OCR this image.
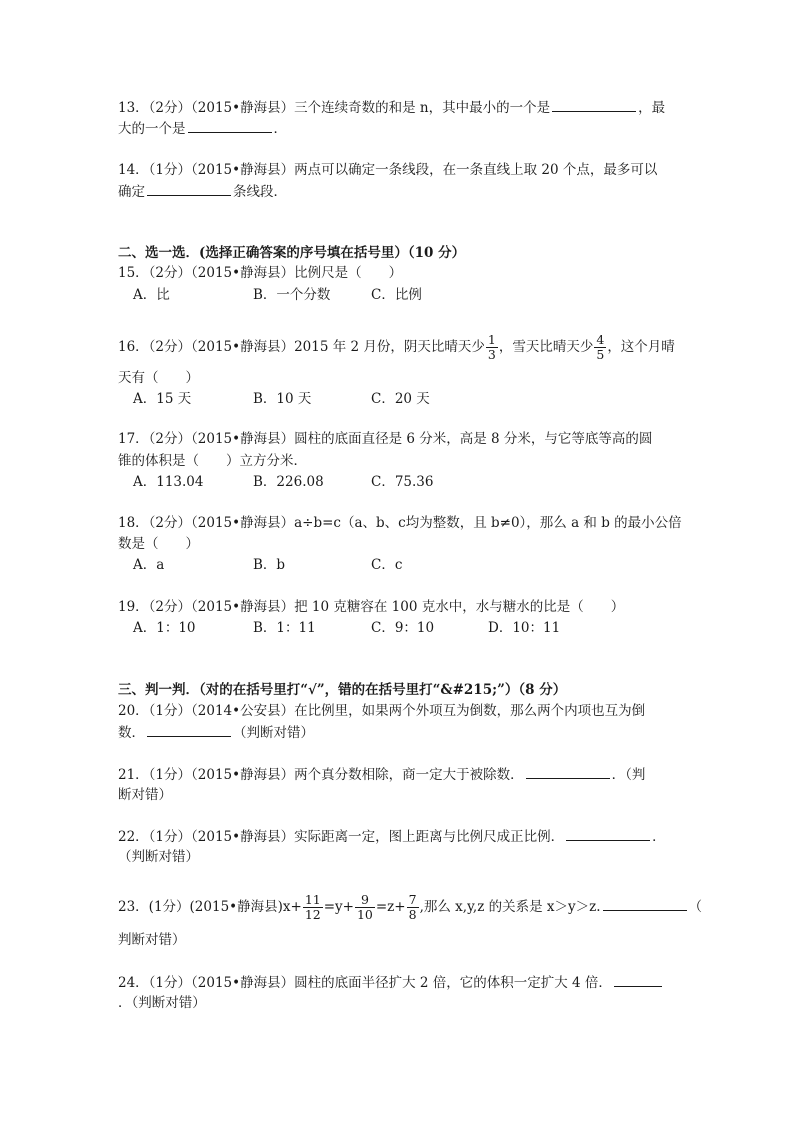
13．（2分）（2015•静海县）三个连续奇数的和是 n，其中最小的一个是	，最
大的一个是	．
14．（1分）（2015•静海县）两点可以确定一条线段，在一条直线上取 20 个点，最多可以
确定	条线段．
二、选一选．(选择正确答案的序号填在括号里）（10 分）
15．（2分）（2015•静海县）比例尺是（　　）
A．比	B．一个分数	C．比例
16．（2分）（2015•静海县）2015 年 2 月份，阴天比晴天少 $\frac{1}{3}$ ，雪天比晴天少 $\frac{4}{5}$ ，这个月晴
天有（　　）
A．15 天	B．10 天	C．20 天
17．（2分）（2015•静海县）圆柱的底面直径是 6 分米，高是 8 分米，与它等底等高的圆
锥的体积是（　　）立方分米．
A．113.04	B．226.08	C．75.36
18．（2分）（2015•静海县）a÷b=c（a、b、c均为整数，且 b≠0），那么 a 和 b 的最小公倍
数是（　　）
A．a	B．b	C．c
19．（2分）（2015•静海县）把 10 克糖容在 100 克水中，水与糖水的比是（　　）
A．1：10	B．1：11	C．9：10	D．10：11
三、判一判．（对的在括号里打“√”，错的在括号里打“&#215;”）（8 分）
20．（1分）（2014•公安县）在比例里，如果两个外项互为倒数，那么两个内项也互为倒
数．	（判断对错）
21．（1分）（2015•静海县）两个真分数相除，商一定大于被除数．	．（判
断对错）
22．（1分）（2015•静海县）实际距离一定，图上距离与比例尺成正比例．	．
（判断对错）
23．(1分）(2015•静海县)$x+ \frac{11}{12} =y+ \frac{9}{10} =z+ \frac{7}{8}$ ,那么 x,y,z 的关系是 x＞y＞z.	（
判断对错）
24．（1分）（2015•静海县）圆柱的底面半径扩大 2 倍，它的体积一定扩大 4 倍．
．（判断对错）
